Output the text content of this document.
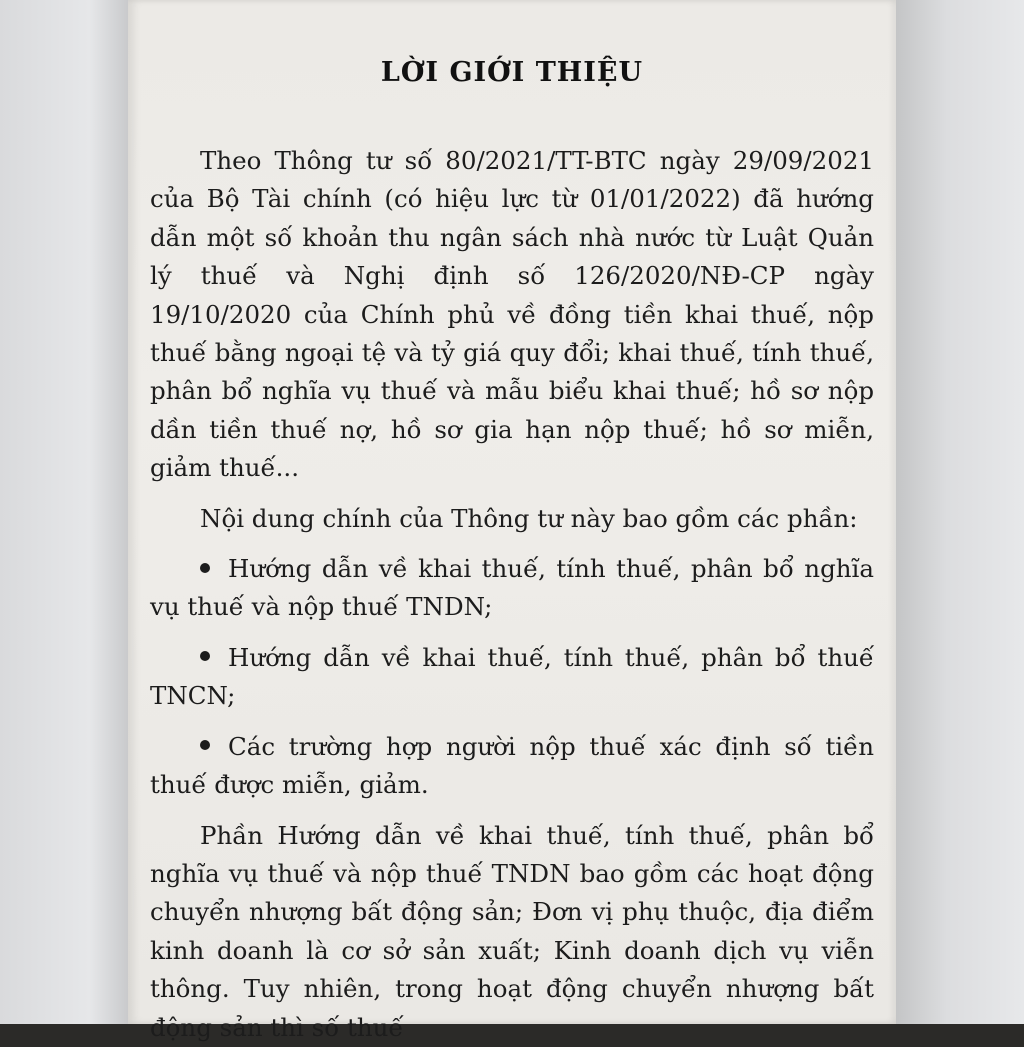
LỜI GIỚI THIỆU

Theo Thông tư số 80/2021/TT-BTC ngày 29/09/2021 của Bộ Tài chính (có hiệu lực từ 01/01/2022) đã hướng dẫn một số khoản thu ngân sách nhà nước từ Luật Quản lý thuế và Nghị định số 126/2020/NĐ-CP ngày 19/10/2020 của Chính phủ về đồng tiền khai thuế, nộp thuế bằng ngoại tệ và tỷ giá quy đổi; khai thuế, tính thuế, phân bổ nghĩa vụ thuế và mẫu biểu khai thuế; hồ sơ nộp dần tiền thuế nợ, hồ sơ gia hạn nộp thuế; hồ sơ miễn, giảm thuế...

Nội dung chính của Thông tư này bao gồm các phần:

Hướng dẫn về khai thuế, tính thuế, phân bổ nghĩa vụ thuế và nộp thuế TNDN;

Hướng dẫn về khai thuế, tính thuế, phân bổ thuế TNCN;

Các trường hợp người nộp thuế xác định số tiền thuế được miễn, giảm.

Phần Hướng dẫn về khai thuế, tính thuế, phân bổ nghĩa vụ thuế và nộp thuế TNDN bao gồm các hoạt động chuyển nhượng bất động sản; Đơn vị phụ thuộc, địa điểm kinh doanh là cơ sở sản xuất; Kinh doanh dịch vụ viễn thông. Tuy nhiên, trong hoạt động chuyển nhượng bất động sản thì số thuế
